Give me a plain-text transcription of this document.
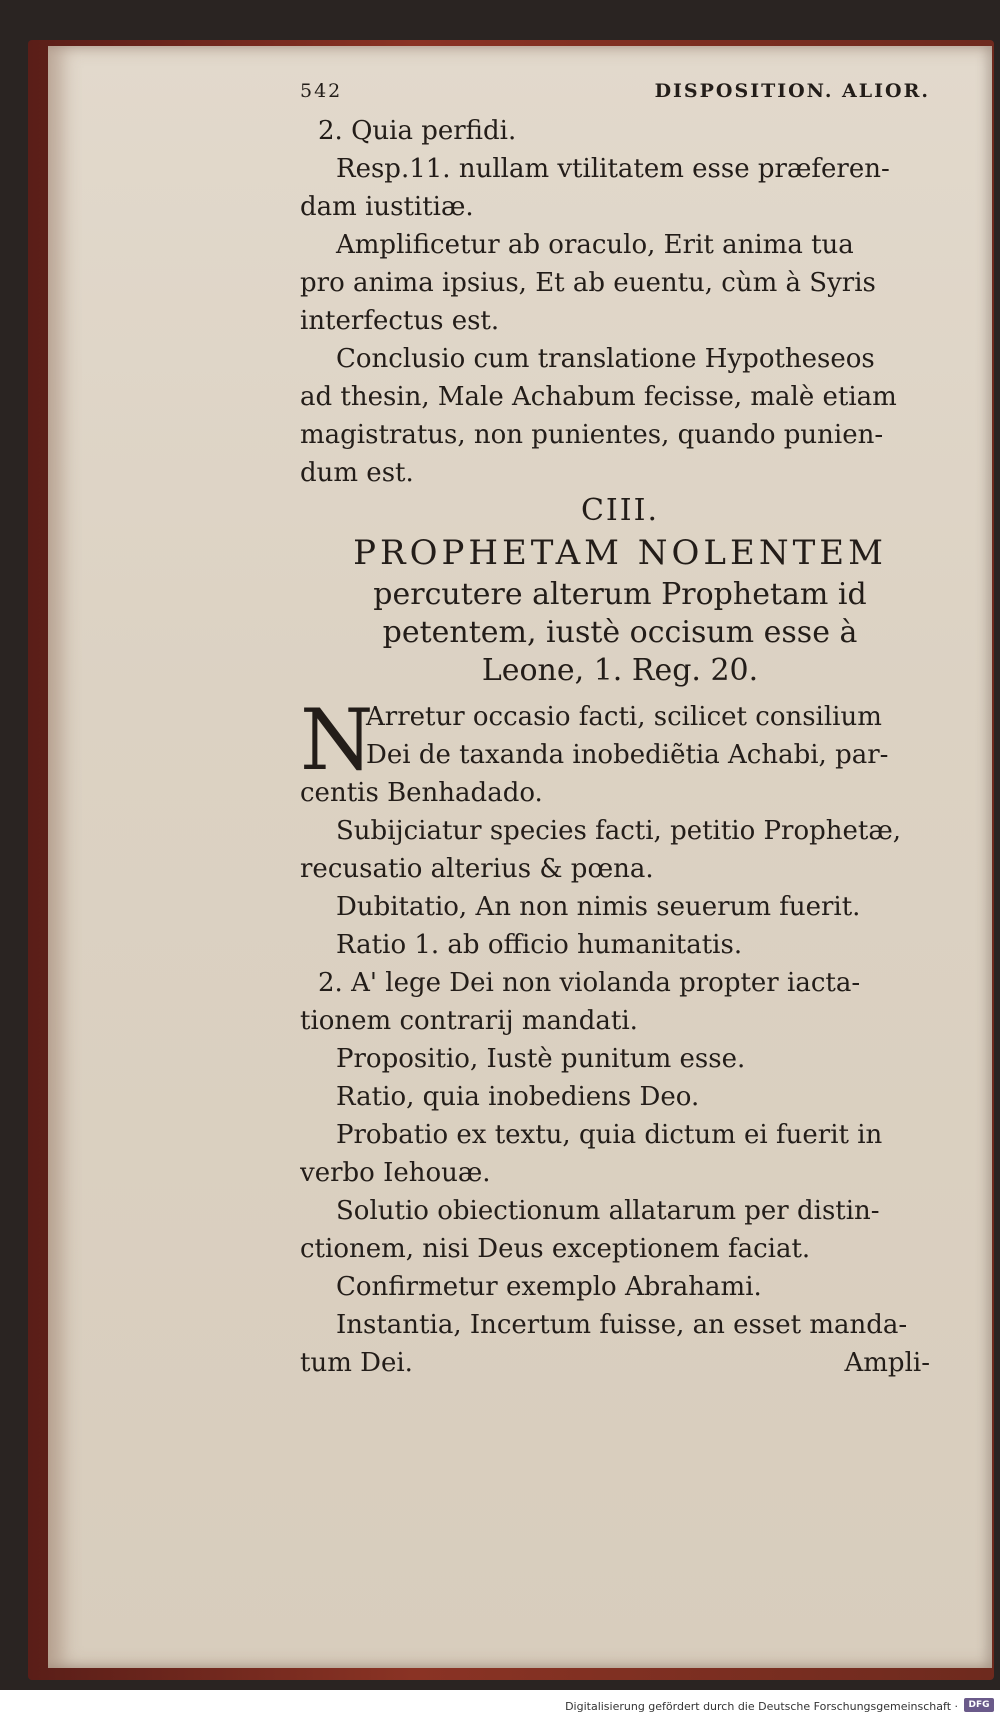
542	DISPOSITION. ALIOR.
2. Quia perfidi.
Resp.11. nullam vtilitatem esse præferen-
dam iustitiæ.
Amplificetur ab oraculo, Erit anima tua
pro anima ipsius, Et ab euentu, cùm à Syris
interfectus est.
Conclusio cum translatione Hypotheseos
ad thesin, Male Achabum fecisse, malè etiam
magistratus, non punientes, quando punien-
dum est.
CIII.
PROPHETAM NOLENTEM
percutere alterum Prophetam id
petentem, iustè occisum esse à
Leone, 1. Reg. 20.
N
Arretur occasio facti, scilicet consilium
Dei de taxanda inobediẽtia Achabi, par-
centis Benhadado.
Subijciatur species facti, petitio Prophetæ,
recusatio alterius & pœna.
Dubitatio, An non nimis seuerum fuerit.
Ratio 1. ab officio humanitatis.
2. A' lege Dei non violanda propter iacta-
tionem contrarij mandati.
Propositio, Iustè punitum esse.
Ratio, quia inobediens Deo.
Probatio ex textu, quia dictum ei fuerit in
verbo Iehouæ.
Solutio obiectionum allatarum per distin-
ctionem, nisi Deus exceptionem faciat.
Confirmetur exemplo Abrahami.
Instantia, Incertum fuisse, an esset manda-
tum Dei.	Ampli-
Digitalisierung gefördert durch die Deutsche Forschungsgemeinschaft ·	DFG
